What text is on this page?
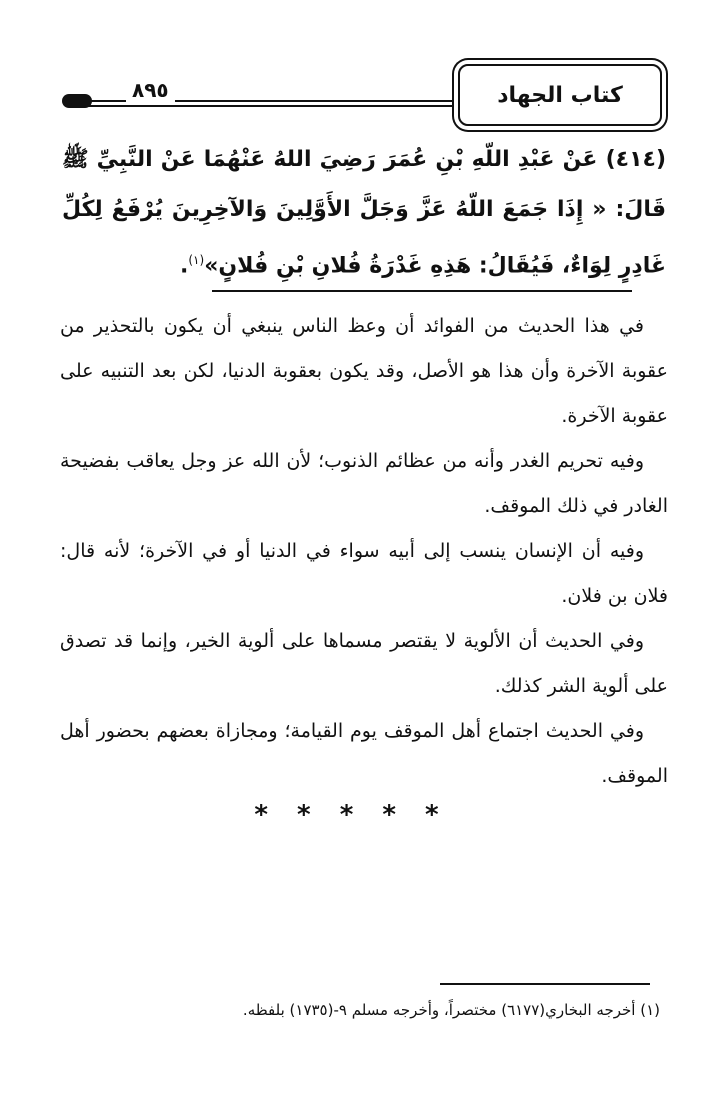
٨٩٥	كتاب الجهاد
(٤١٤) عَنْ عَبْدِ اللّهِ بْنِ عُمَرَ رَضِيَ اللهُ عَنْهُمَا عَنْ النَّبِيِّ ﷺ قَالَ: « إِذَا جَمَعَ اللّهُ عَزَّ وَجَلَّ الأَوَّلِينَ وَالآخِرِينَ يُرْفَعُ لِكُلِّ غَادِرٍ لِوَاءٌ، فَيُقَالُ: هَذِهِ غَدْرَةُ فُلانِ بْنِ فُلانٍ»$^{(١)}$.

في هذا الحديث من الفوائد أن وعظ الناس ينبغي أن يكون بالتحذير من عقوبة الآخرة وأن هذا هو الأصل، وقد يكون بعقوبة الدنيا، لكن بعد التنبيه على عقوبة الآخرة.

وفيه تحريم الغدر وأنه من عظائم الذنوب؛ لأن الله عز وجل يعاقب بفضيحة الغادر في ذلك الموقف.

وفيه أن الإنسان ينسب إلى أبيه سواء في الدنيا أو في الآخرة؛ لأنه قال: فلان بن فلان.

وفي الحديث أن الألوية لا يقتصر مسماها على ألوية الخير، وإنما قد تصدق على ألوية الشر كذلك.

وفي الحديث اجتماع أهل الموقف يوم القيامة؛ ومجازاة بعضهم بحضور أهل الموقف.

* * * * *
(١) أخرجه البخاري(٦١٧٧) مختصراً، وأخرجه مسلم ٩-(١٧٣٥) بلفظه.
